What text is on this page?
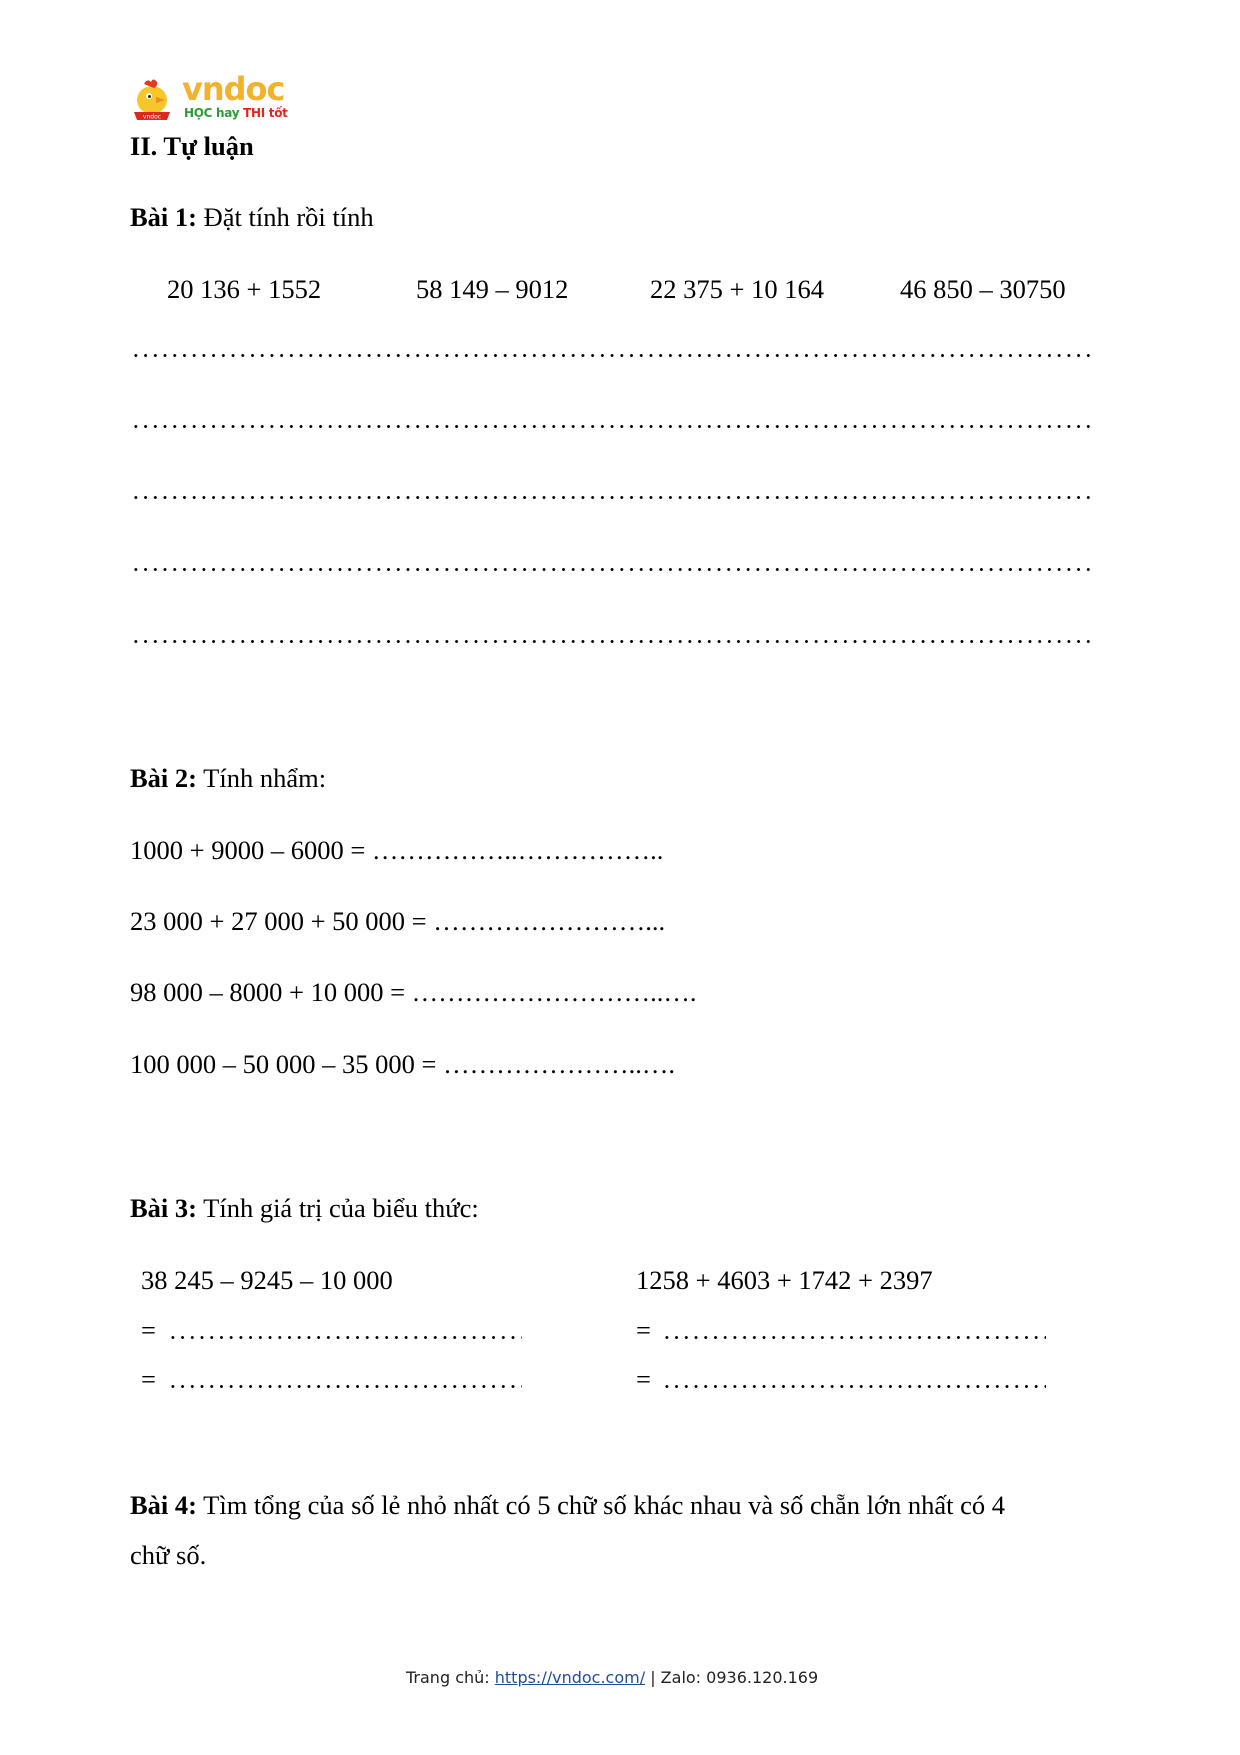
vndoc
vndoc
HỌC hay THI tốt
II. Tự luận
Bài 1: Đặt tính rồi tính
20 136 + 1552	58 149 – 9012	22 375 + 10 164	46 850 – 30750
Bài 2: Tính nhẩm:
1000 + 9000 – 6000 = ……………..……………..
23 000 + 27 000 + 50 000 = ……………………...
98 000 – 8000 + 10 000 = ………………………..….
100 000 – 50 000 – 35 000 = …………………..….
Bài 3: Tính giá trị của biểu thức:
38 245 – 9245 – 10 000
=
=
1258 + 4603 + 1742 + 2397
=
=
Bài 4: Tìm tổng của số lẻ nhỏ nhất có 5 chữ số khác nhau và số chẵn lớn nhất có 4
chữ số.
Trang chủ: https://vndoc.com/ | Zalo: 0936.120.169
